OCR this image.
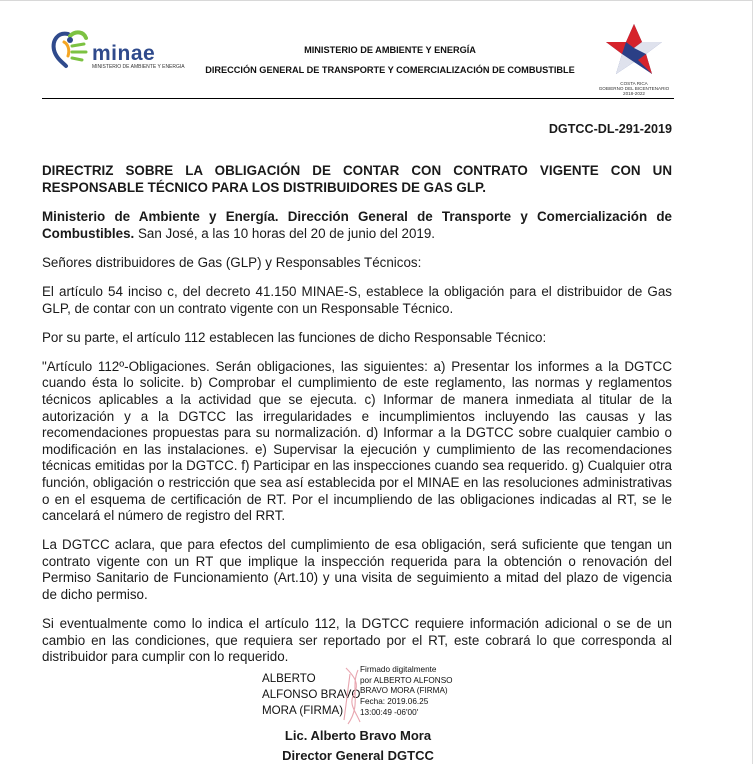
minae
MINISTERIO DE AMBIENTE Y ENERGIA
MINISTERIO DE AMBIENTE Y ENERGÍA
DIRECCIÓN GENERAL DE TRANSPORTE Y COMERCIALIZACIÓN DE COMBUSTIBLE
COSTA RICA
GOBIERNO DEL BICENTENARIO
2018-2022
DGTCC-DL-291-2019

DIRECTRIZ SOBRE LA OBLIGACIÓN DE CONTAR CON CONTRATO VIGENTE CON UN RESPONSABLE TÉCNICO PARA LOS DISTRIBUIDORES DE GAS GLP.

Ministerio de Ambiente y Energía. Dirección General de Transporte y Comercialización de Combustibles. San José, a las 10 horas del 20 de junio del 2019.

Señores distribuidores de Gas (GLP) y Responsables Técnicos:

El artículo 54 inciso c, del decreto 41.150 MINAE-S, establece la obligación para el distribuidor de Gas GLP, de contar con un contrato vigente con un Responsable Técnico.

Por su parte, el artículo 112 establecen las funciones de dicho Responsable Técnico:

"Artículo 112º-Obligaciones. Serán obligaciones, las siguientes: a) Presentar los informes a la DGTCC cuando ésta lo solicite. b) Comprobar el cumplimiento de este reglamento, las normas y reglamentos técnicos aplicables a la actividad que se ejecuta. c) Informar de manera inmediata al titular de la autorización y a la DGTCC las irregularidades e incumplimientos incluyendo las causas y las recomendaciones propuestas para su normalización. d) Informar a la DGTCC sobre cualquier cambio o modificación en las instalaciones. e) Supervisar la ejecución y cumplimiento de las recomendaciones técnicas emitidas por la DGTCC. f) Participar en las inspecciones cuando sea requerido. g) Cualquier otra función, obligación o restricción que sea así establecida por el MINAE en las resoluciones administrativas o en el esquema de certificación de RT. Por el incumpliendo de las obligaciones indicadas al RT, se le cancelará el número de registro del RRT.

La DGTCC aclara, que para efectos del cumplimiento de esa obligación, será suficiente que tengan un contrato vigente con un RT que implique la inspección requerida para la obtención o renovación del Permiso Sanitario de Funcionamiento (Art.10) y una visita de seguimiento a mitad del plazo de vigencia de dicho permiso.

Si eventualmente como lo indica el artículo 112, la DGTCC requiere información adicional o se de un cambio en las condiciones, que requiera ser reportado por el RT, este cobrará lo que corresponda al distribuidor para cumplir con lo requerido.

ALBERTO
ALFONSO BRAVO
MORA (FIRMA)
Firmado digitalmente
por ALBERTO ALFONSO
BRAVO MORA (FIRMA)
Fecha: 2019.06.25
13:00:49 -06'00'
Lic. Alberto Bravo Mora
Director General DGTCC
